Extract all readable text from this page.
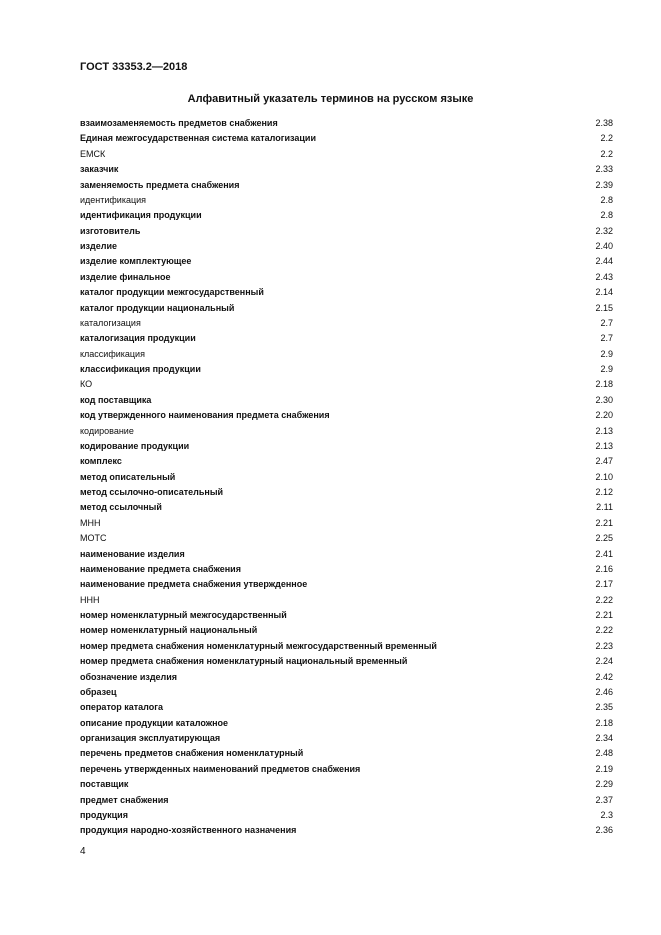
ГОСТ 33353.2—2018
Алфавитный указатель терминов на русском языке
взаимозаменяемость предметов снабжения	2.38
Единая межгосударственная система каталогизации	2.2
ЕМСК	2.2
заказчик	2.33
заменяемость предмета снабжения	2.39
идентификация	2.8
идентификация продукции	2.8
изготовитель	2.32
изделие	2.40
изделие комплектующее	2.44
изделие финальное	2.43
каталог продукции межгосударственный	2.14
каталог продукции национальный	2.15
каталогизация	2.7
каталогизация продукции	2.7
классификация	2.9
классификация продукции	2.9
КО	2.18
код поставщика	2.30
код утвержденного наименования предмета снабжения	2.20
кодирование	2.13
кодирование продукции	2.13
комплекс	2.47
метод описательный	2.10
метод ссылочно-описательный	2.12
метод ссылочный	2.11
МНН	2.21
МОТС	2.25
наименование изделия	2.41
наименование предмета снабжения	2.16
наименование предмета снабжения утвержденное	2.17
ННН	2.22
номер номенклатурный межгосударственный	2.21
номер номенклатурный национальный	2.22
номер предмета снабжения номенклатурный межгосударственный временный	2.23
номер предмета снабжения номенклатурный национальный временный	2.24
обозначение изделия	2.42
образец	2.46
оператор каталога	2.35
описание продукции каталожное	2.18
организация эксплуатирующая	2.34
перечень предметов снабжения номенклатурный	2.48
перечень утвержденных наименований предметов снабжения	2.19
поставщик	2.29
предмет снабжения	2.37
продукция	2.3
продукция народно-хозяйственного назначения	2.36
4
